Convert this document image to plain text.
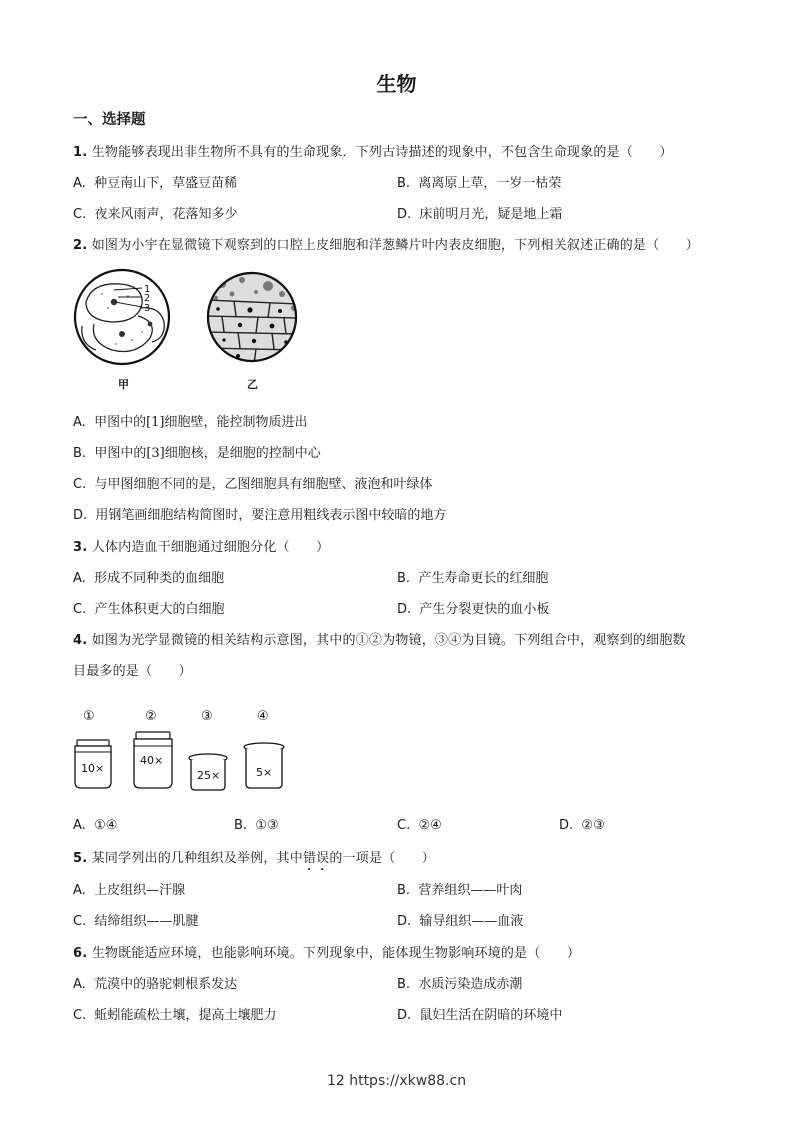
生物
一、选择题
1. 生物能够表现出非生物所不具有的生命现象．下列古诗描述的现象中，不包含生命现象的是（　　）
A. 种豆南山下，草盛豆苗稀	B. 离离原上草，一岁一枯荣
C. 夜来风雨声，花落知多少	D. 床前明月光，疑是地上霜
2. 如图为小宇在显微镜下观察到的口腔上皮细胞和洋葱鳞片叶内表皮细胞，下列相关叙述正确的是（　　）
1
2
3
甲	乙
A. 甲图中的[1]细胞壁，能控制物质进出
B. 甲图中的[3]细胞核，是细胞的控制中心
C. 与甲图细胞不同的是，乙图细胞具有细胞壁、液泡和叶绿体
D. 用钢笔画细胞结构简图时，要注意用粗线表示图中较暗的地方
3. 人体内造血干细胞通过细胞分化（　　）
A. 形成不同种类的血细胞	B. 产生寿命更长的红细胞
C. 产生体积更大的白细胞	D. 产生分裂更快的血小板
4. 如图为光学显微镜的相关结构示意图，其中的①②为物镜，③④为目镜。下列组合中，观察到的细胞数
目最多的是（　　）
①
10×
②
40×
③
25×
④
5×
A. ①④	B. ①③	C. ②④	D. ②③
5. 某同学列出的几种组织及举例，其中错误的一项是（　　）
A. 上皮组织—汗腺	B. 营养组织——叶肉
C. 结缔组织——肌腱	D. 输导组织——血液
6. 生物既能适应环境，也能影响环境。下列现象中，能体现生物影响环境的是（　　）
A. 荒漠中的骆驼刺根系发达	B. 水质污染造成赤潮
C. 蚯蚓能疏松土壤，提高土壤肥力	D. 鼠妇生活在阴暗的环境中
12 https://xkw88.cn
